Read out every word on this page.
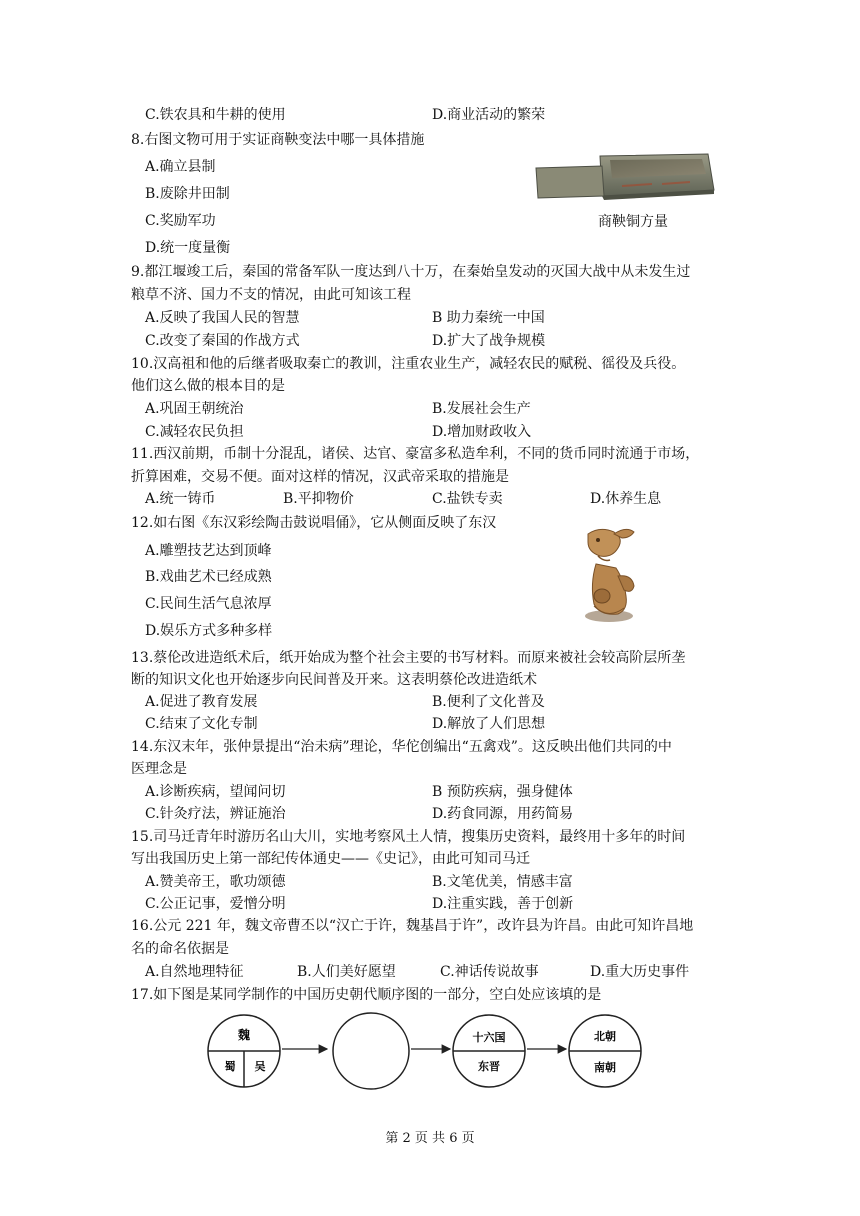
C.铁农具和牛耕的使用	D.商业活动的繁荣
8.右图文物可用于实证商鞅变法中哪一具体措施
A.确立县制
B.废除井田制
C.奖励军功
D.统一度量衡
商鞅铜方量
9.都江堰竣工后，秦国的常备军队一度达到八十万，在秦始皇发动的灭国大战中从未发生过
粮草不济、国力不支的情况，由此可知该工程
A.反映了我国人民的智慧	B 助力秦统一中国
C.改变了秦国的作战方式	D.扩大了战争规模
10.汉高祖和他的后继者吸取秦亡的教训，注重农业生产，减轻农民的赋税、徭役及兵役。
他们这么做的根本目的是
A.巩固王朝统治	B.发展社会生产
C.减轻农民负担	D.增加财政收入
11.西汉前期，币制十分混乱，诸侯、达官、豪富多私造牟利，不同的货币同时流通于市场，
折算困难，交易不便。面对这样的情况，汉武帝采取的措施是
A.统一铸币	B.平抑物价	C.盐铁专卖	D.休养生息
12.如右图《东汉彩绘陶击鼓说唱俑》，它从侧面反映了东汉
A.雕塑技艺达到顶峰
B.戏曲艺术已经成熟
C.民间生活气息浓厚
D.娱乐方式多种多样
13.蔡伦改进造纸术后，纸开始成为整个社会主要的书写材料。而原来被社会较高阶层所垄
断的知识文化也开始逐步向民间普及开来。这表明蔡伦改进造纸术
A.促进了教育发展	B.便利了文化普及
C.结束了文化专制	D.解放了人们思想
14.东汉末年，张仲景提出“治未病”理论，华佗创编出“五禽戏”。这反映出他们共同的中
医理念是
A.诊断疾病，望闻问切	B 预防疾病，强身健体
C.针灸疗法，辨证施治	D.药食同源，用药简易
15.司马迁青年时游历名山大川，实地考察风土人情，搜集历史资料，最终用十多年的时间
写出我国历史上第一部纪传体通史——《史记》，由此可知司马迁
A.赞美帝王，歌功颂德	B.文笔优美，情感丰富
C.公正记事，爱憎分明	D.注重实践，善于创新
16.公元 221 年，魏文帝曹丕以“汉亡于许，魏基昌于许”，改许县为许昌。由此可知许昌地
名的命名依据是
A.自然地理特征	B.人们美好愿望	C.神话传说故事	D.重大历史事件
17.如下图是某同学制作的中国历史朝代顺序图的一部分，空白处应该填的是
魏
蜀 吴
十六国
东晋
北朝
南朝
第 2 页 共 6 页
